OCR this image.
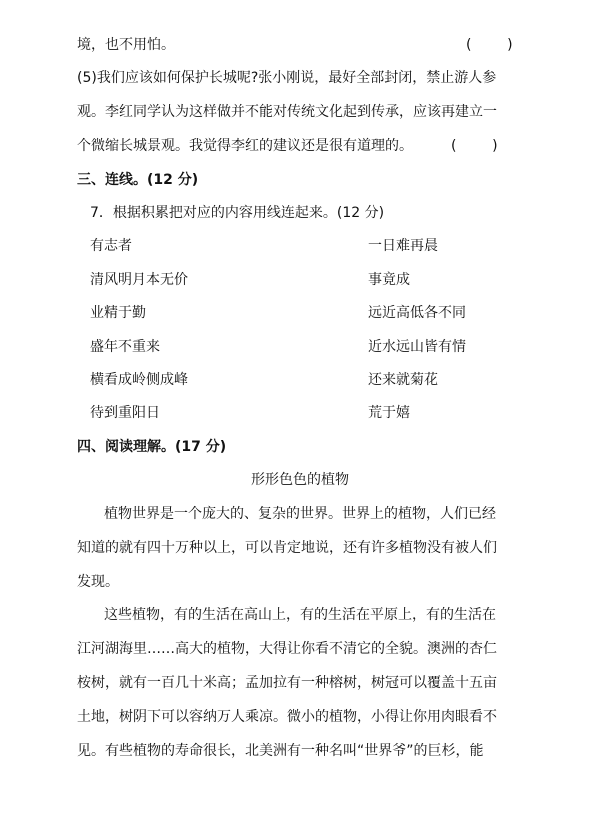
境，也不用怕。	(        )
(5)我们应该如何保护长城呢?张小刚说，最好全部封闭，禁止游人参
观。李红同学认为这样做并不能对传统文化起到传承，应该再建立一
个微缩长城景观。我觉得李红的建议还是很有道理的。	(        )
三、连线。(12 分)
7．根据积累把对应的内容用线连起来。(12 分)
有志者	一日难再晨
清风明月本无价	事竟成
业精于勤	远近高低各不同
盛年不重来	近水远山皆有情
横看成岭侧成峰	还来就菊花
待到重阳日	荒于嬉
四、阅读理解。(17 分)
形形色色的植物
植物世界是一个庞大的、复杂的世界。世界上的植物，人们已经
知道的就有四十万种以上，可以肯定地说，还有许多植物没有被人们
发现。
这些植物，有的生活在高山上，有的生活在平原上，有的生活在
江河湖海里……高大的植物，大得让你看不清它的全貌。澳洲的杏仁
桉树，就有一百几十米高；孟加拉有一种榕树，树冠可以覆盖十五亩
土地，树阴下可以容纳万人乘凉。微小的植物，小得让你用肉眼看不
见。有些植物的寿命很长，北美洲有一种名叫“世界爷”的巨杉，能
